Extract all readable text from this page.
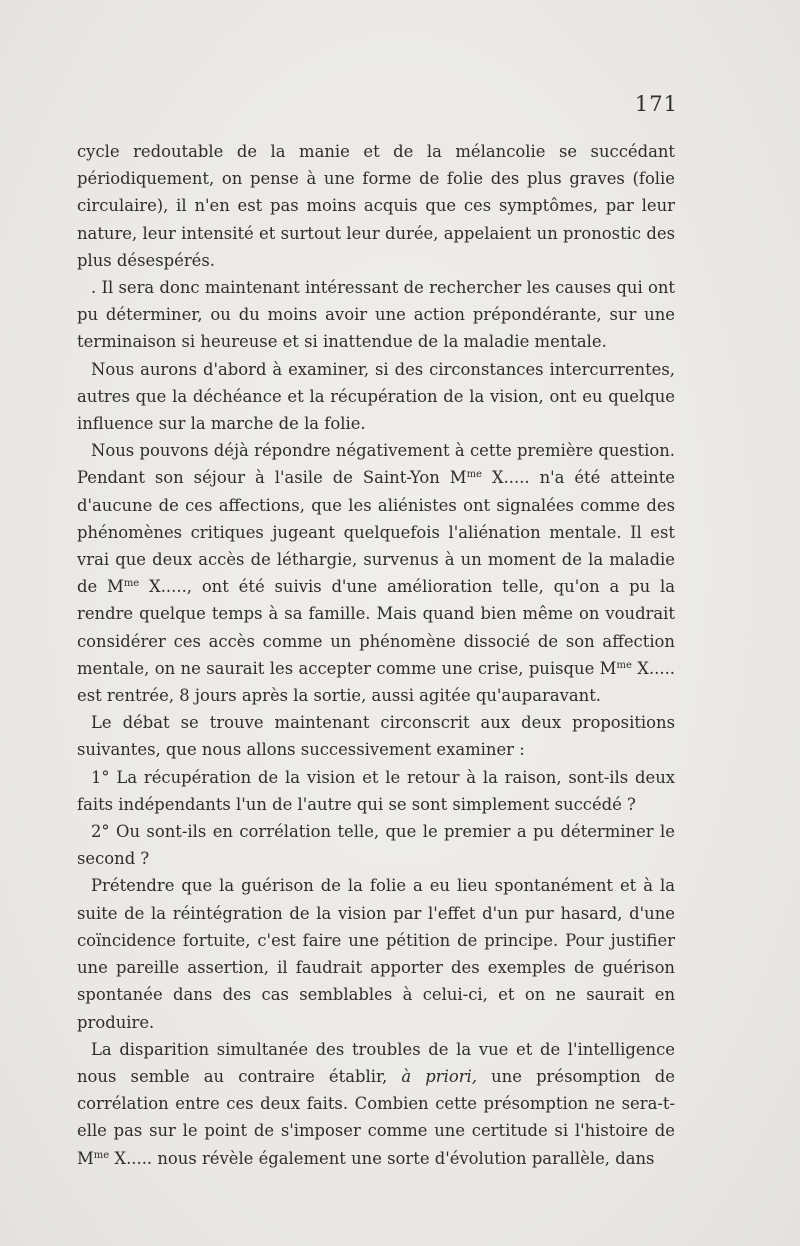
171

cycle redoutable de la manie et de la mélancolie se succédant périodiquement, on pense à une forme de folie des plus graves (folie circulaire), il n'en est pas moins acquis que ces symptômes, par leur nature, leur intensité et surtout leur durée, appelaient un pronostic des plus désespérés.

. Il sera donc maintenant intéressant de rechercher les causes qui ont pu déterminer, ou du moins avoir une action prépondérante, sur une terminaison si heureuse et si inattendue de la maladie mentale.

Nous aurons d'abord à examiner, si des circonstances intercurrentes, autres que la déchéance et la récupération de la vision, ont eu quelque influence sur la marche de la folie.

Nous pouvons déjà répondre négativement à cette première question. Pendant son séjour à l'asile de Saint-Yon $M^{me}$ X..... n'a été atteinte d'aucune de ces affections, que les aliénistes ont signalées comme des phénomènes critiques jugeant quelquefois l'aliénation mentale. Il est vrai que deux accès de léthargie, survenus à un moment de la maladie de $M^{me}$ X....., ont été suivis d'une amélioration telle, qu'on a pu la rendre quelque temps à sa famille. Mais quand bien même on voudrait considérer ces accès comme un phénomène dissocié de son affection mentale, on ne saurait les accepter comme une crise, puisque $M^{me}$ X..... est rentrée, 8 jours après la sortie, aussi agitée qu'auparavant.

Le débat se trouve maintenant circonscrit aux deux propositions suivantes, que nous allons successivement examiner :

1° La récupération de la vision et le retour à la raison, sont-ils deux faits indépendants l'un de l'autre qui se sont simplement succédé ?

2° Ou sont-ils en corrélation telle, que le premier a pu déterminer le second ?

Prétendre que la guérison de la folie a eu lieu spontanément et à la suite de la réintégration de la vision par l'effet d'un pur hasard, d'une coïncidence fortuite, c'est faire une pétition de principe. Pour justifier une pareille assertion, il faudrait apporter des exemples de guérison spontanée dans des cas semblables à celui-ci, et on ne saurait en produire.

La disparition simultanée des troubles de la vue et de l'intelligence nous semble au contraire établir, à priori, une présomption de corrélation entre ces deux faits. Combien cette présomption ne sera-t-elle pas sur le point de s'imposer comme une certitude si l'histoire de $M^{me}$ X..... nous révèle également une sorte d'évolution parallèle, dans
